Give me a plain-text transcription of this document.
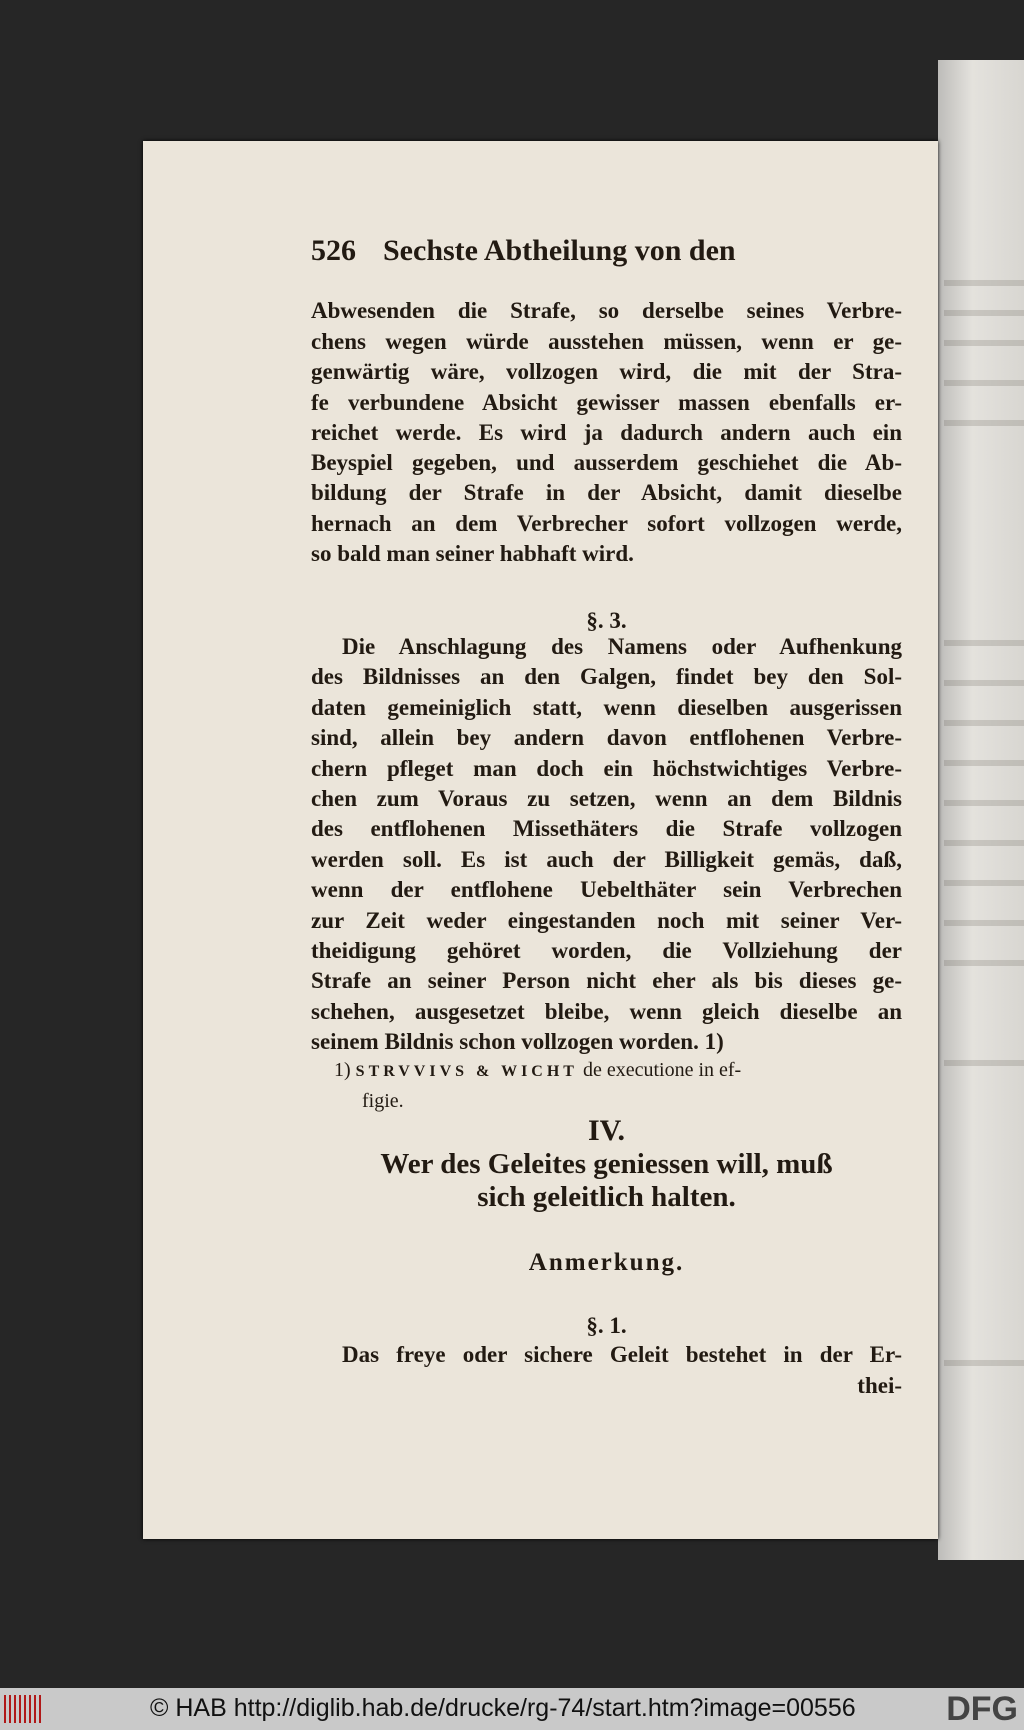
526 Sechste Abtheilung von den
Abwesenden die Strafe, so derselbe seines Verbre-
chens wegen würde ausstehen müssen, wenn er ge-
genwärtig wäre, vollzogen wird, die mit der Stra-
fe verbundene Absicht gewisser massen ebenfalls er-
reichet werde. Es wird ja dadurch andern auch ein
Beyspiel gegeben, und ausserdem geschiehet die Ab-
bildung der Strafe in der Absicht, damit dieselbe
hernach an dem Verbrecher sofort vollzogen werde,
so bald man seiner habhaft wird.
§. 3.
Die Anschlagung des Namens oder Aufhenkung
des Bildnisses an den Galgen, findet bey den Sol-
daten gemeiniglich statt, wenn dieselben ausgerissen
sind, allein bey andern davon entflohenen Verbre-
chern pfleget man doch ein höchstwichtiges Verbre-
chen zum Voraus zu setzen, wenn an dem Bildnis
des entflohenen Missethäters die Strafe vollzogen
werden soll. Es ist auch der Billigkeit gemäs, daß,
wenn der entflohene Uebelthäter sein Verbrechen
zur Zeit weder eingestanden noch mit seiner Ver-
theidigung gehöret worden, die Vollziehung der
Strafe an seiner Person nicht eher als bis dieses ge-
schehen, ausgesetzet bleibe, wenn gleich dieselbe an
seinem Bildnis schon vollzogen worden. 1)
1) STRVVIVS & WICHT de executione in ef-
figie.
IV.
Wer des Geleites geniessen will, muß
sich geleitlich halten.
Anmerkung.
§. 1.
Das freye oder sichere Geleit bestehet in der Er-
thei-
© HAB http://diglib.hab.de/drucke/rg-74/start.htm?image=00556	DFG
